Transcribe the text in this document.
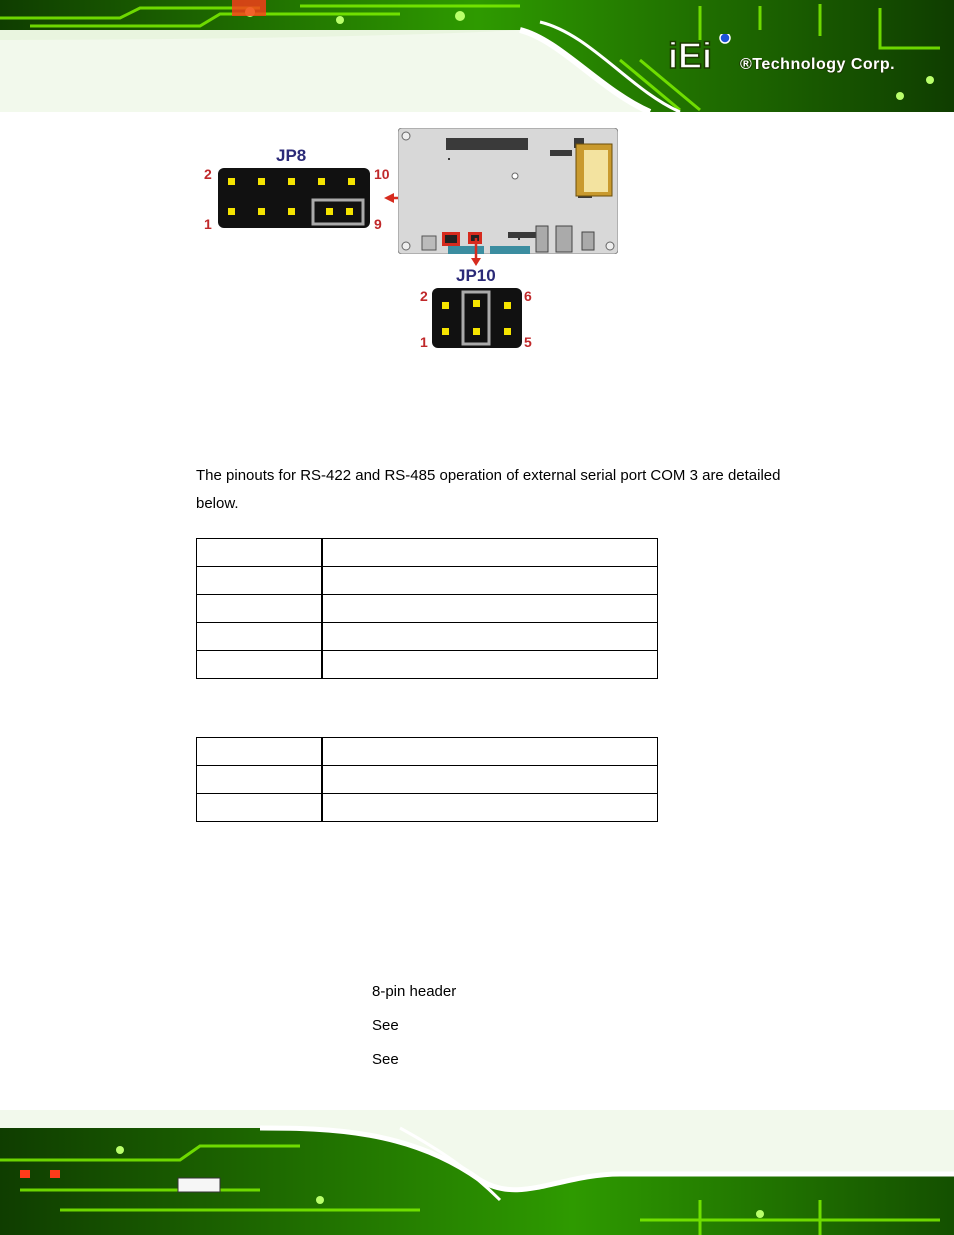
iEi ®Technology Corp.
JP8
2	10
1	9
JP10
2	6
1	5
The pinouts for RS-422 and RS-485 operation of external serial port COM 3 are detailed below.

8-pin header
See
See
